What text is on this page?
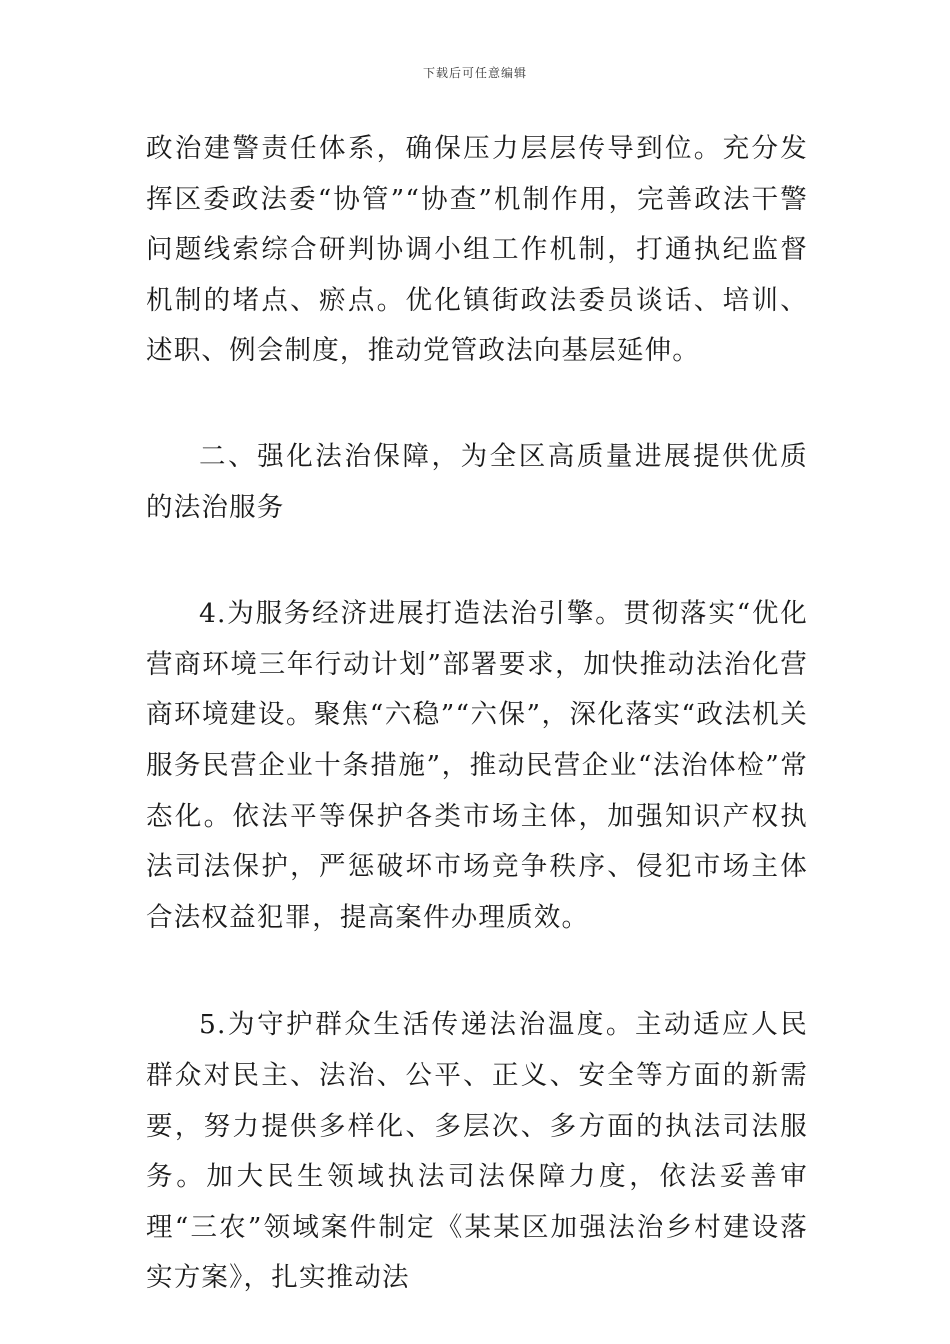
下载后可任意编辑

政治建警责任体系，确保压力层层传导到位。充分发挥区委政法委“协管”“协查”机制作用，完善政法干警问题线索综合研判协调小组工作机制，打通执纪监督机制的堵点、瘀点。优化镇街政法委员谈话、培训、述职、例会制度，推动党管政法向基层延伸。

二、强化法治保障，为全区高质量进展提供优质的法治服务

4.为服务经济进展打造法治引擎。贯彻落实“优化营商环境三年行动计划”部署要求，加快推动法治化营商环境建设。聚焦“六稳”“六保”，深化落实“政法机关服务民营企业十条措施”，推动民营企业“法治体检”常态化。依法平等保护各类市场主体，加强知识产权执法司法保护，严惩破坏市场竞争秩序、侵犯市场主体合法权益犯罪，提高案件办理质效。

5.为守护群众生活传递法治温度。主动适应人民群众对民主、法治、公平、正义、安全等方面的新需要，努力提供多样化、多层次、多方面的执法司法服务。加大民生领域执法司法保障力度，依法妥善审理“三农”领域案件制定《某某区加强法治乡村建设落实方案》，扎实推动法
